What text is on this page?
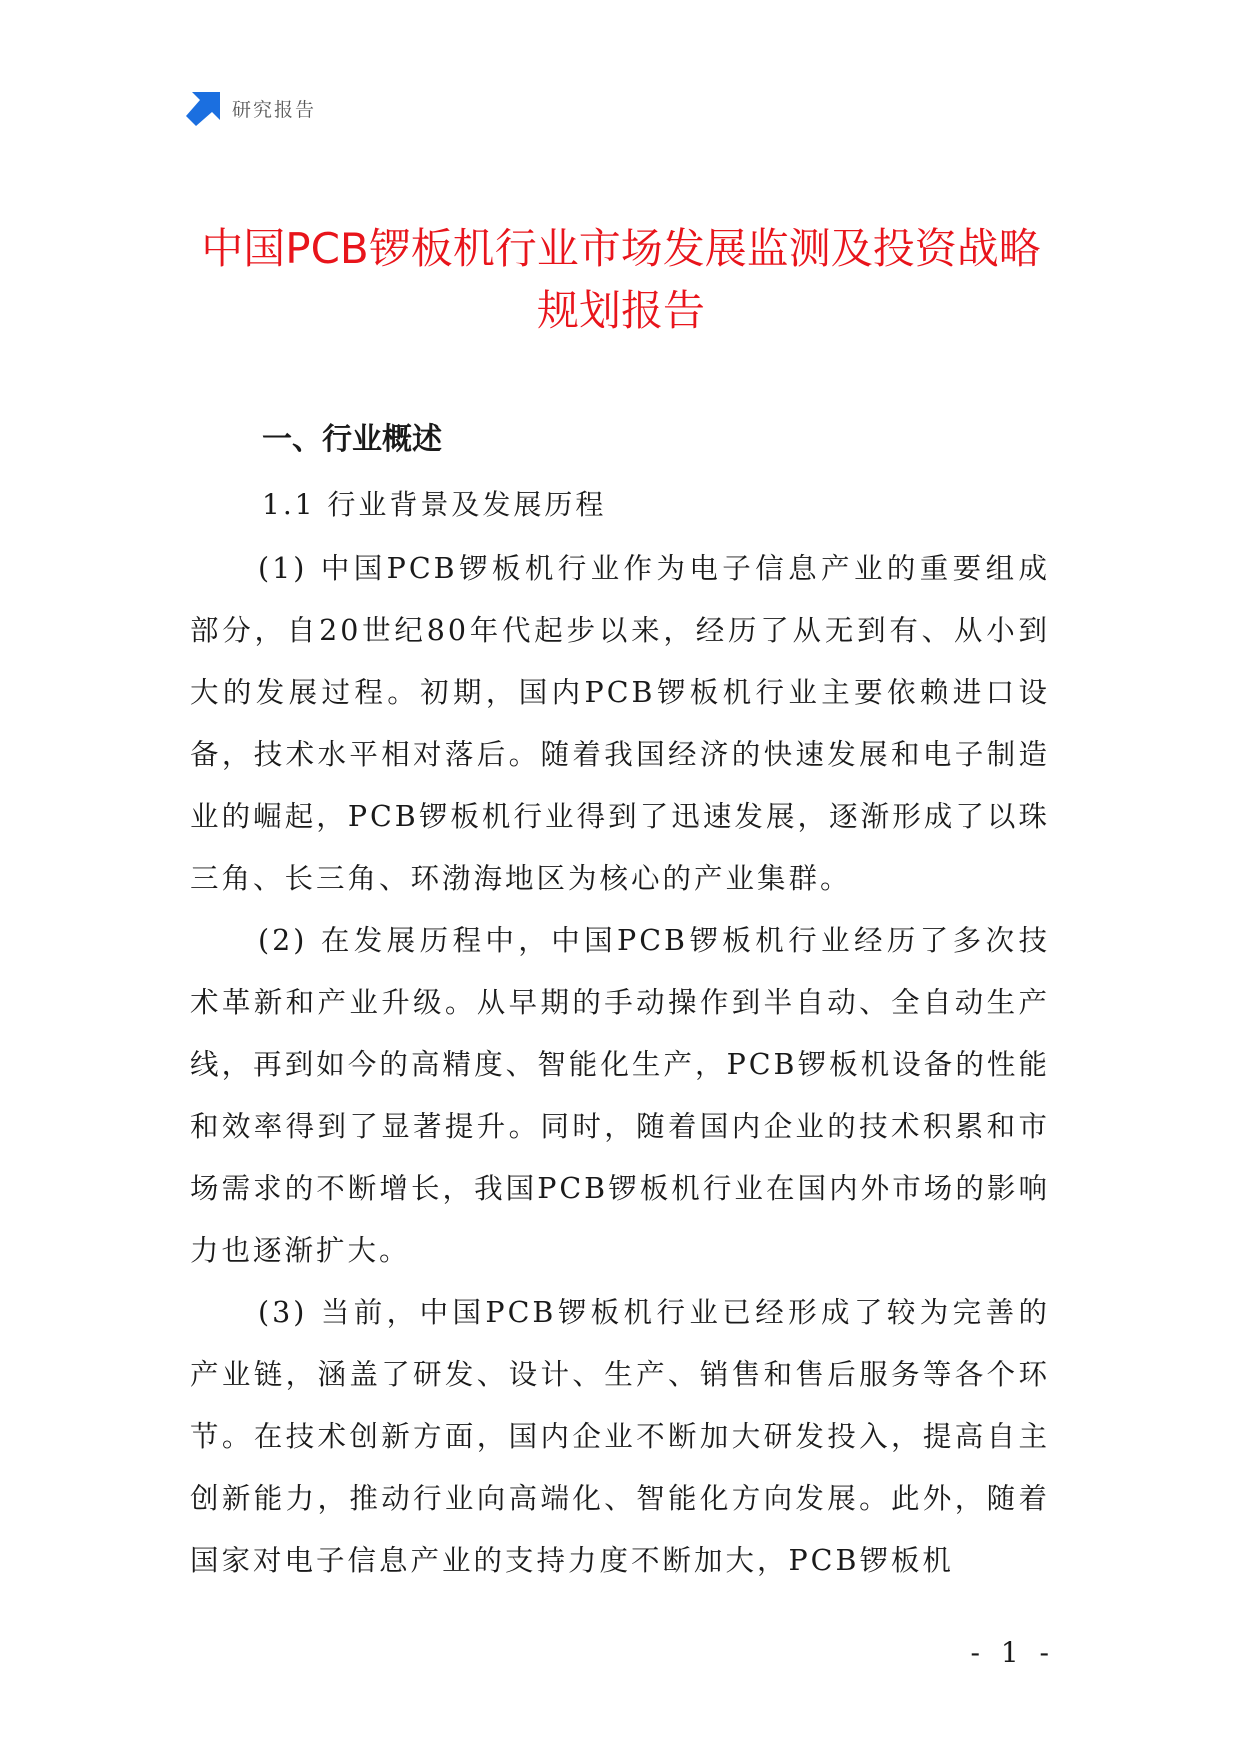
研究报告
中国PCB锣板机行业市场发展监测及投资战略规划报告
一、行业概述
1.1 行业背景及发展历程

(1) 中国PCB锣板机行业作为电子信息产业的重要组成部分，自20世纪80年代起步以来，经历了从无到有、从小到大的发展过程。初期，国内PCB锣板机行业主要依赖进口设备，技术水平相对落后。随着我国经济的快速发展和电子制造业的崛起，PCB锣板机行业得到了迅速发展，逐渐形成了以珠三角、长三角、环渤海地区为核心的产业集群。

(2) 在发展历程中，中国PCB锣板机行业经历了多次技术革新和产业升级。从早期的手动操作到半自动、全自动生产线，再到如今的高精度、智能化生产，PCB锣板机设备的性能和效率得到了显著提升。同时，随着国内企业的技术积累和市场需求的不断增长，我国PCB锣板机行业在国内外市场的影响力也逐渐扩大。

(3) 当前，中国PCB锣板机行业已经形成了较为完善的产业链，涵盖了研发、设计、生产、销售和售后服务等各个环节。在技术创新方面，国内企业不断加大研发投入，提高自主创新能力，推动行业向高端化、智能化方向发展。此外，随着国家对电子信息产业的支持力度不断加大，PCB锣板机

- 1 -
